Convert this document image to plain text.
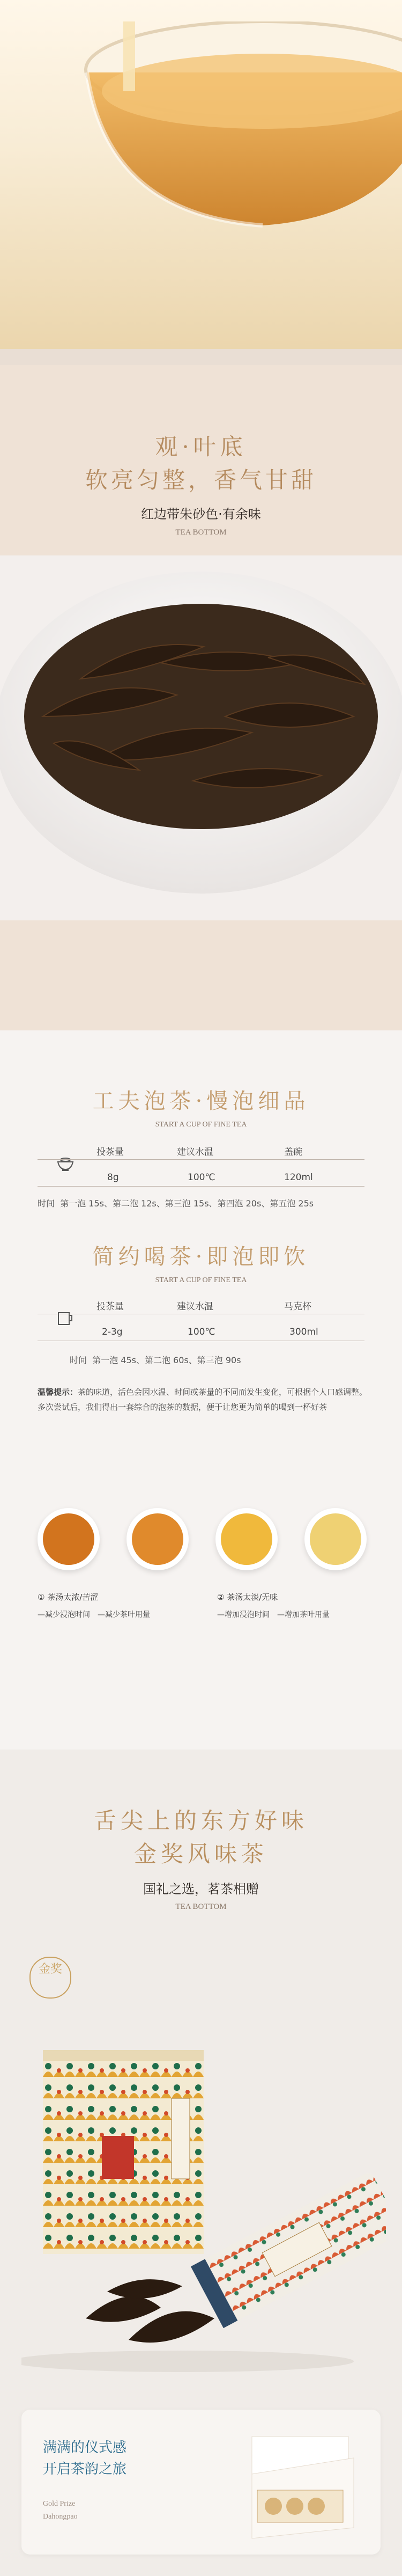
观·叶底
软亮匀整，香气甘甜
红边带朱砂色·有余味
TEA BOTTOM
工夫泡茶·慢泡细品
START A CUP OF FINE TEA
投茶量	建议水温	盖碗
8g	100℃	120ml
时间 第一泡 15s、第二泡 12s、第三泡 15s、第四泡 20s、第五泡 25s
简约喝茶·即泡即饮
START A CUP OF FINE TEA
投茶量	建议水温	马克杯
2-3g	100℃	300ml
时间 第一泡 45s、第二泡 60s、第三泡 90s
温馨提示：茶的味道，活色会因水温、时间或茶量的不同而发生变化，可根据个人口感调整。多次尝试后，我们得出一套综合的泡茶的数据，便于让您更为简单的喝到一杯好茶
① 茶汤太浓/苦涩
—减少浸泡时间　—减少茶叶用量
② 茶汤太淡/无味
—增加浸泡时间　—增加茶叶用量
舌尖上的东方好味
金奖风味茶
国礼之选，茗茶相赠
TEA BOTTOM
金奖
满满的仪式感
开启茶韵之旅
Gold Prize
Dahongpao
